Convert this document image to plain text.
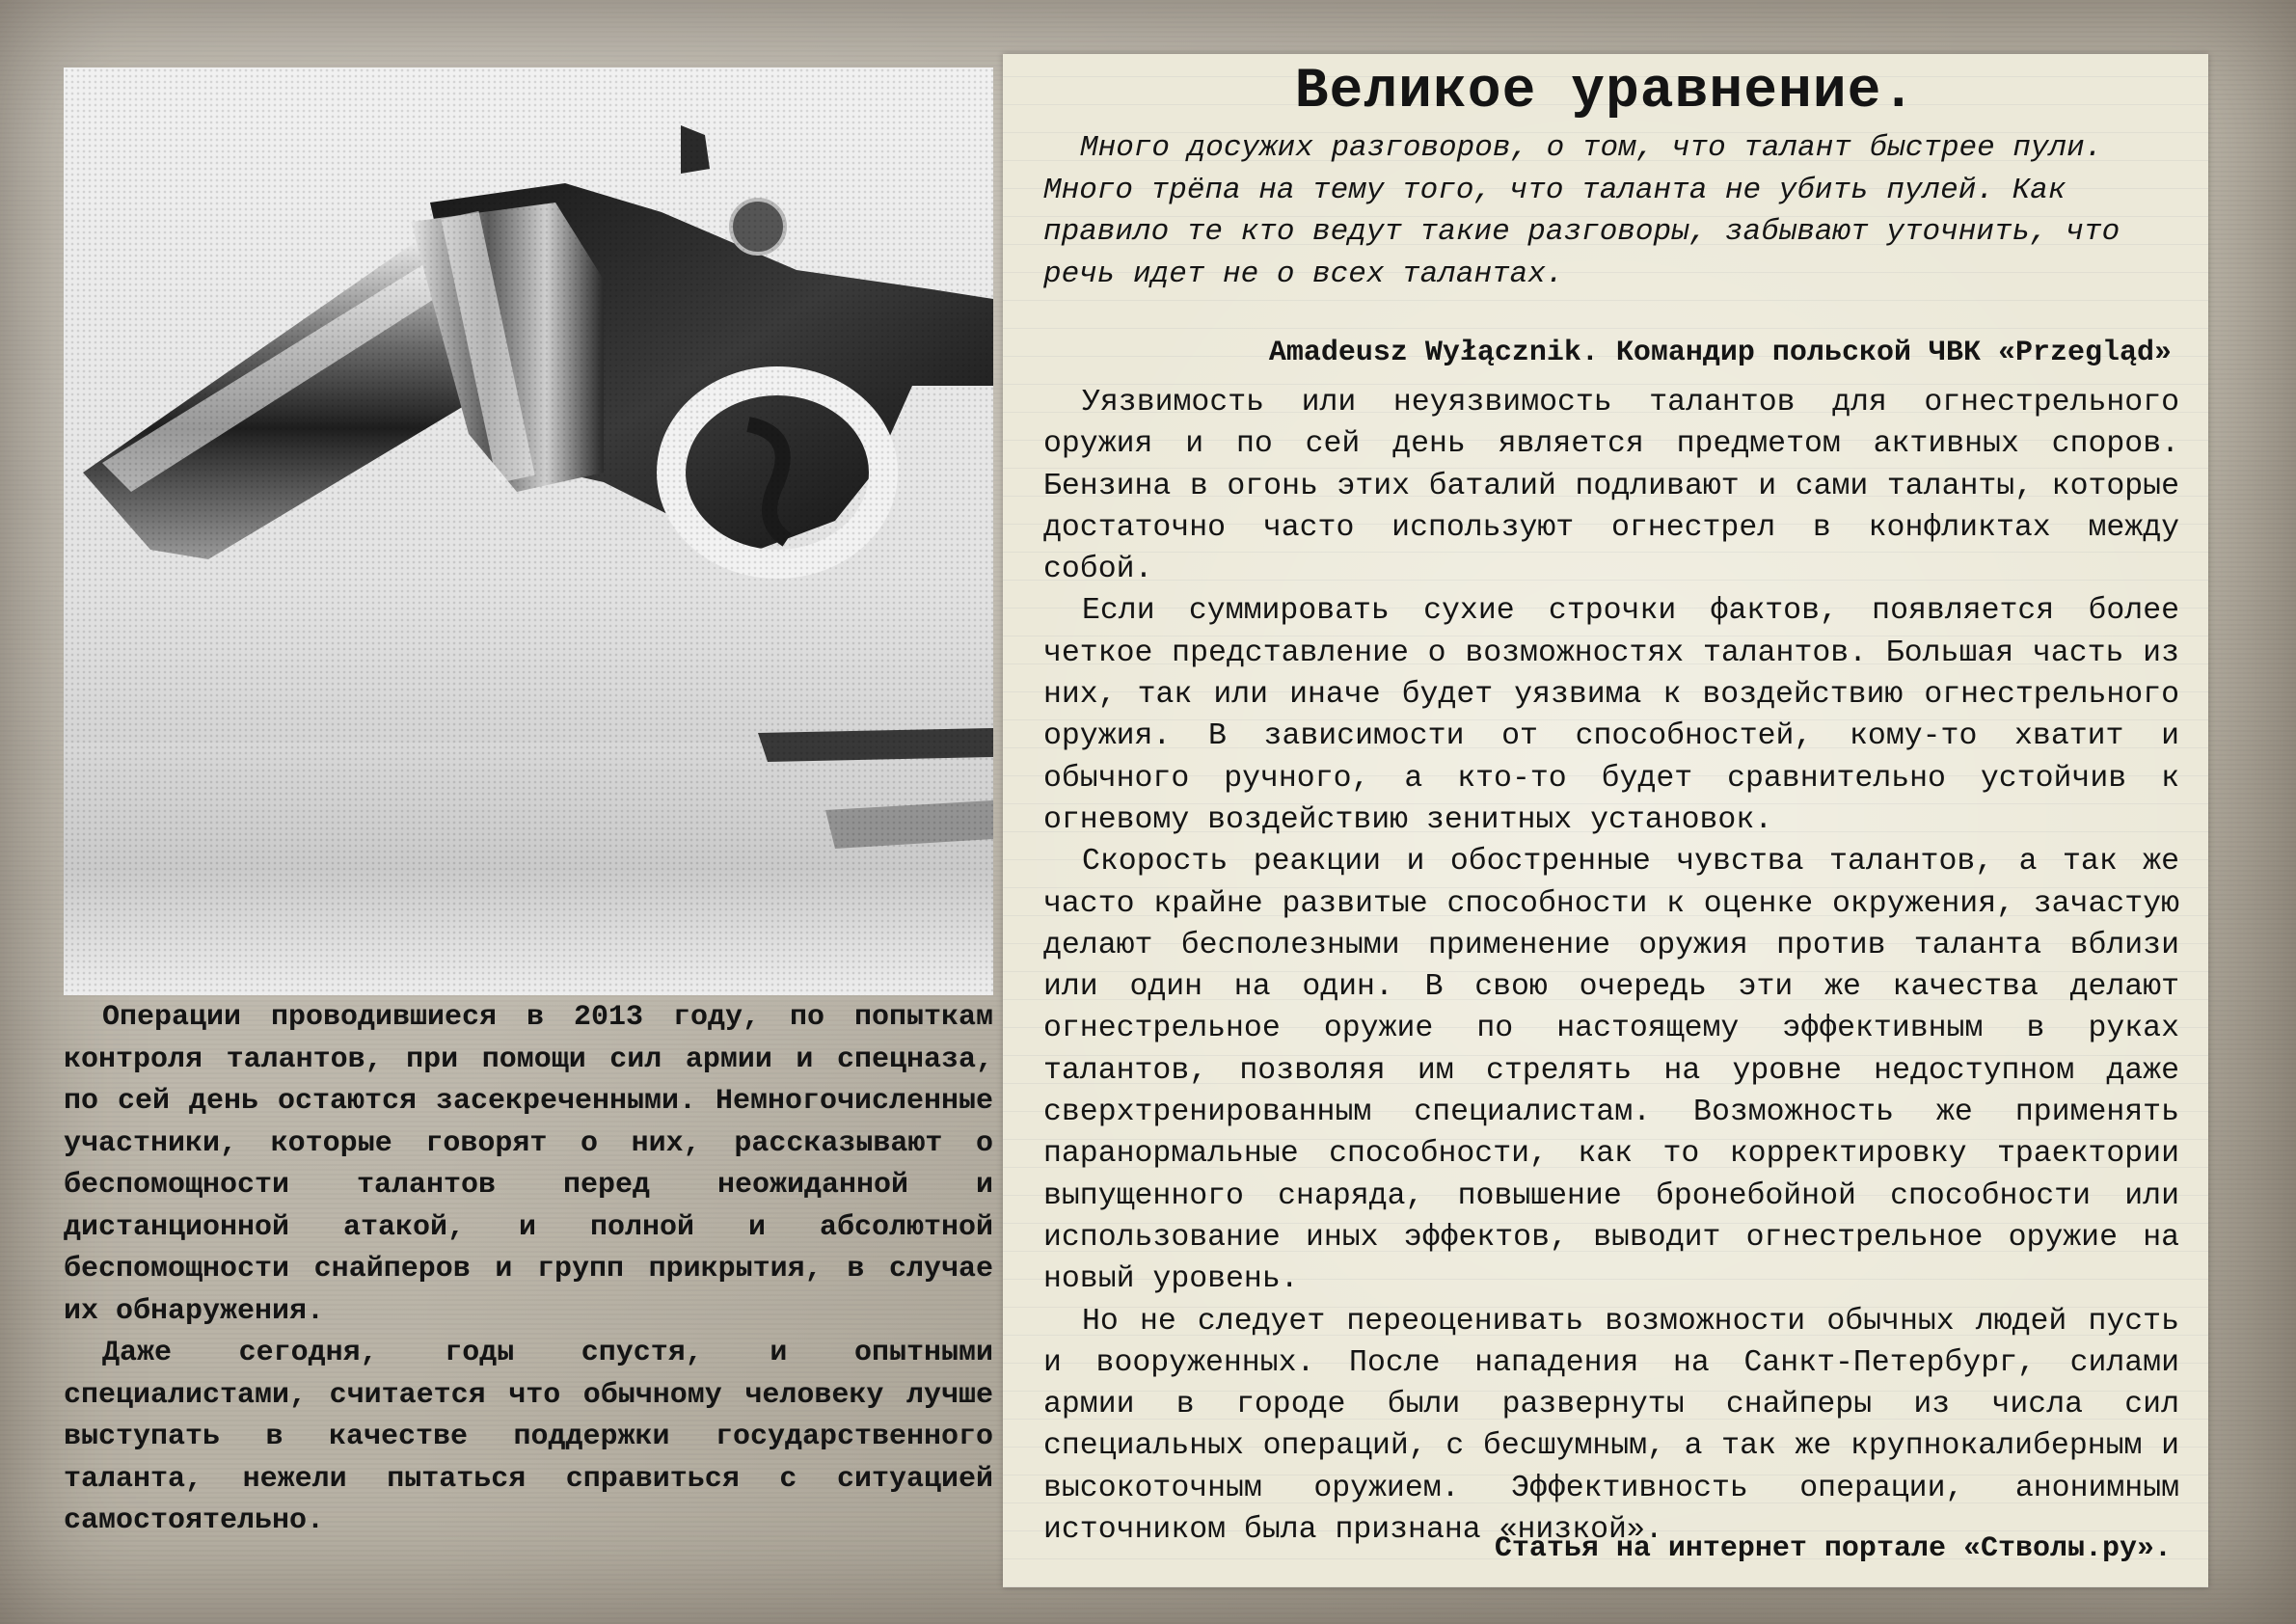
Операции проводившиеся в 2013 году, по попыткам контроля талантов, при помощи сил армии и спецназа, по сей день остаются засекреченными. Немногочисленные участники, которые говорят о них, рассказывают о беспомощности талантов перед неожиданной и дистанционной атакой, и полной и абсолютной беспомощности снайперов и групп прикрытия, в случае их обнаружения.

Даже сегодня, годы спустя, и опытными специалистами, считается что обычному человеку лучше выступать в качестве поддержки государственного таланта, нежели пытаться справиться с ситуацией самостоятельно.

Великое уравнение.

Много досужих разговоров, о том, что талант быстрее пули. Много трёпа на тему того, что таланта не убить пулей. Как правило те кто ведут такие разговоры, забывают уточнить, что речь идет не о всех талантах.

Amadeusz Wyłącznik. Командир польской ЧВК «Przegląd»

Уязвимость или неуязвимость талантов для огнестрельного оружия и по сей день является предметом активных споров. Бензина в огонь этих баталий подливают и сами таланты, которые достаточно часто используют огнестрел в конфликтах между собой.

Если суммировать сухие строчки фактов, появляется более четкое представление о возможностях талантов. Большая часть из них, так или иначе будет уязвима к воздействию огнестрельного оружия. В зависимости от способностей, кому-то хватит и обычного ручного, а кто-то будет сравнительно устойчив к огневому воздействию зенитных установок.

Скорость реакции и обостренные чувства талантов, а так же часто крайне развитые способности к оценке окружения, зачастую делают бесполезными применение оружия против таланта вблизи или один на один. В свою очередь эти же качества делают огнестрельное оружие по настоящему эффективным в руках талантов, позволяя им стрелять на уровне недоступном даже сверхтренированным специалистам. Возможность же применять паранормальные способности, как то корректировку траектории выпущенного снаряда, повышение бронебойной способности или использование иных эффектов, выводит огнестрельное оружие на новый уровень.

Но не следует переоценивать возможности обычных людей пусть и вооруженных. После нападения на Санкт-Петербург, силами армии в городе были развернуты снайперы из числа сил специальных операций, с бесшумным, а так же крупнокалиберным и высокоточным оружием. Эффективность операции, анонимным источником была признана «низкой».

Статья на интернет портале «Стволы.ру».
